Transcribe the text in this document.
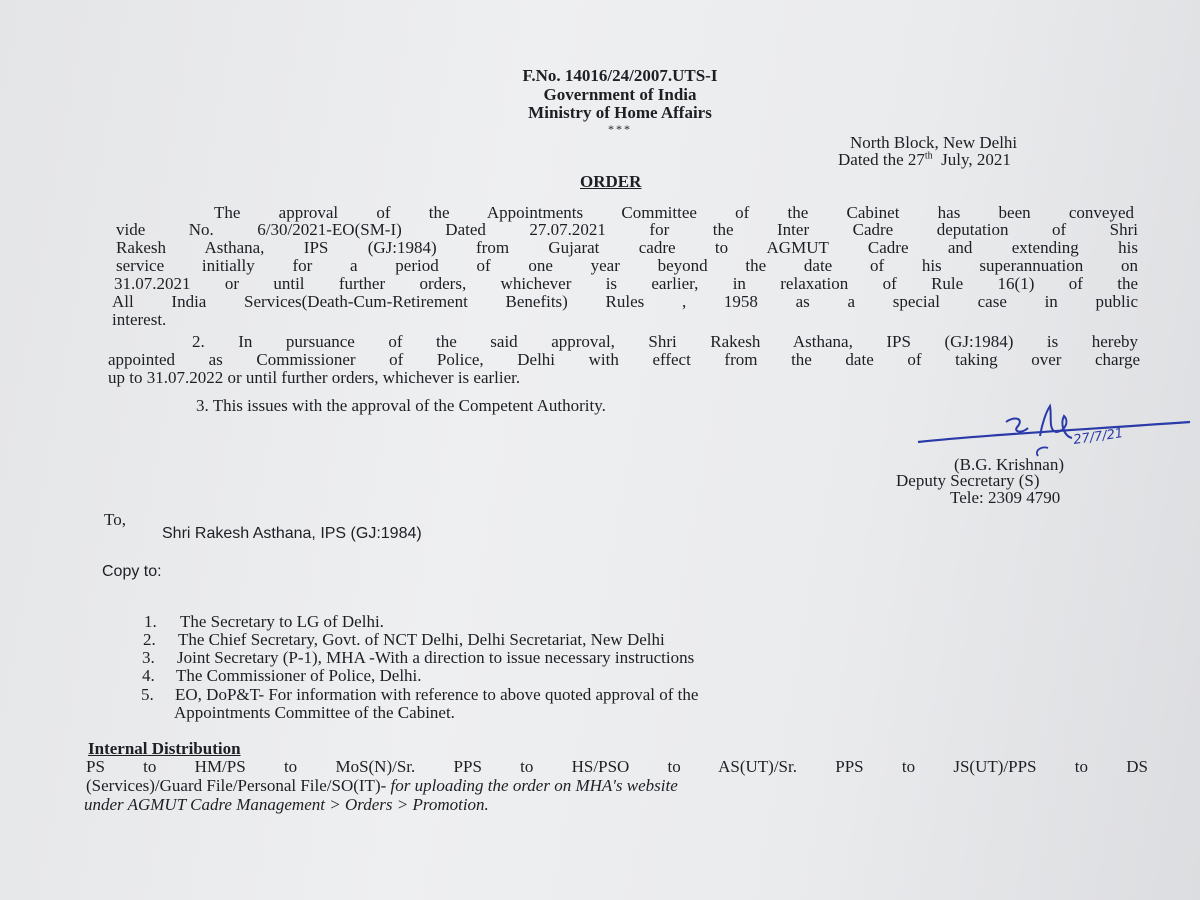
F.No. 14016/24/2007.UTS-I
Government of India
Ministry of Home Affairs
***
North Block, New Delhi
Dated the 27th  July, 2021
ORDER
The approval of the Appointments Committee of the Cabinet has been conveyed
vide No. 6/30/2021-EO(SM-I) Dated 27.07.2021 for the Inter Cadre deputation of Shri
Rakesh Asthana, IPS (GJ:1984) from Gujarat cadre to AGMUT Cadre and extending his
service initially for a period of one year beyond the date of his superannuation on
31.07.2021 or until further orders, whichever is earlier, in relaxation of Rule 16(1) of the
All India Services(Death-Cum-Retirement Benefits) Rules , 1958 as a special case in public
interest.
2. In pursuance of the said approval, Shri Rakesh Asthana, IPS (GJ:1984) is hereby
appointed as Commissioner of Police, Delhi with effect from the date of taking over charge
up to 31.07.2022 or until further orders, whichever is earlier.
3. This issues with the approval of the Competent Authority.
27/7/21
(B.G. Krishnan)
Deputy Secretary (S)
Tele: 2309 4790
To,
Shri Rakesh Asthana, IPS (GJ:1984)
Copy to:
1. The Secretary to LG of Delhi.
2. The Chief Secretary, Govt. of NCT Delhi, Delhi Secretariat, New Delhi
3. Joint Secretary (P-1), MHA -With a direction to issue necessary instructions
4. The Commissioner of Police, Delhi.
5. EO, DoP&T- For information with reference to above quoted approval of the
Appointments Committee of the Cabinet.
Internal Distribution
PS to HM/PS to MoS(N)/Sr. PPS to HS/PSO to AS(UT)/Sr. PPS to JS(UT)/PPS to DS
(Services)/Guard File/Personal File/SO(IT)- for uploading the order on MHA's website
under AGMUT Cadre Management > Orders > Promotion.
